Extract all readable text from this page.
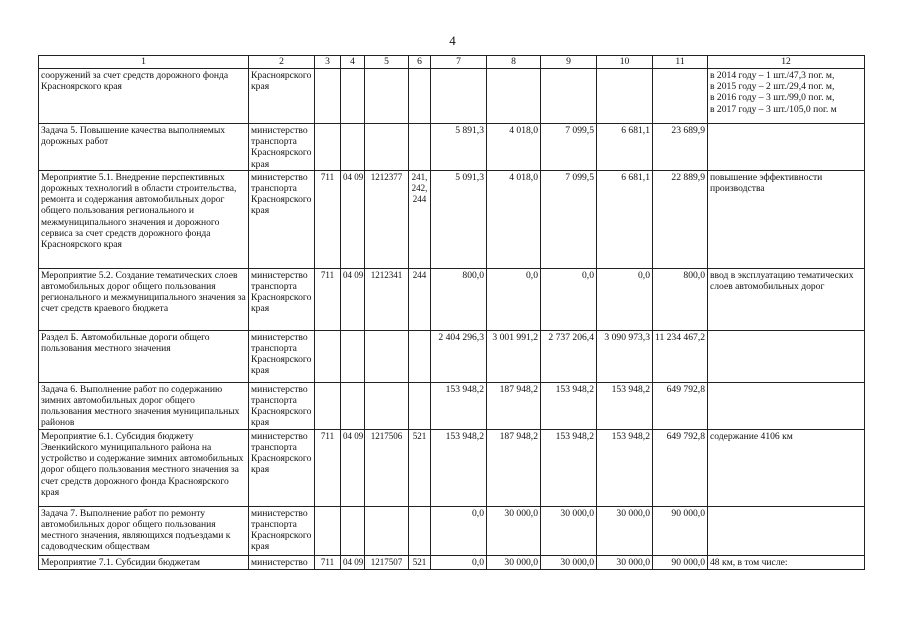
4
1	2	3	4	5	6	7	8	9	10	11	12
сооружений за счет средств дорожного фонда Красноярского края	Красноярского края										в 2014 году – 1 шт./47,3 пог. м,
в 2015 году – 2 шт./29,4 пог. м,
в 2016 году – 3 шт./99,0 пог. м,
в 2017 году – 3 шт./105,0 пог. м

Задача 5. Повышение качества выполняемых дорожных работ	министерство транспорта Красноярского края					5 891,3	4 018,0	7 099,5	6 681,1	23 689,9	
Мероприятие 5.1. Внедрение перспективных дорожных технологий в области строительства, ремонта и содержания автомобильных дорог общего пользования регионального и межмуниципального значения и дорожного сервиса за счет средств дорожного фонда Красноярского края	министерство транспорта Красноярского края	711	04 09	1212377	241, 242, 244	5 091,3	4 018,0	7 099,5	6 681,1	22 889,9	повышение эффективности производства

Мероприятие 5.2. Создание тематических слоев автомобильных дорог общего пользования регионального и межмуниципального значения за счет средств краевого бюджета	министерство транспорта Красноярского края	711	04 09	1212341	244	800,0	0,0	0,0	0,0	800,0	ввод в эксплуатацию тематических слоев автомобильных дорог

Раздел Б. Автомобильные дороги общего пользования местного значения	министерство транспорта Красноярского края					2 404 296,3	3 001 991,2	2 737 206,4	3 090 973,3	11 234 467,2	
Задача 6. Выполнение работ по содержанию зимних автомобильных дорог общего пользования местного значения муниципальных районов	министерство транспорта Красноярского края					153 948,2	187 948,2	153 948,2	153 948,2	649 792,8	
Мероприятие 6.1. Субсидия бюджету Эвенкийского муниципального района на устройство и содержание зимних автомобильных дорог общего пользования местного значения за счет средств дорожного фонда Красноярского края	министерство транспорта Красноярского края	711	04 09	1217506	521	153 948,2	187 948,2	153 948,2	153 948,2	649 792,8	содержание 4106 км

Задача 7. Выполнение работ по ремонту автомобильных дорог общего пользования местного значения, являющихся подъездами к садоводческим обществам	министерство транспорта Красноярского края					0,0	30 000,0	30 000,0	30 000,0	90 000,0	
Мероприятие 7.1. Субсидии бюджетам	министерство	711	04 09	1217507	521	0,0	30 000,0	30 000,0	30 000,0	90 000,0	48 км, в том числе:
